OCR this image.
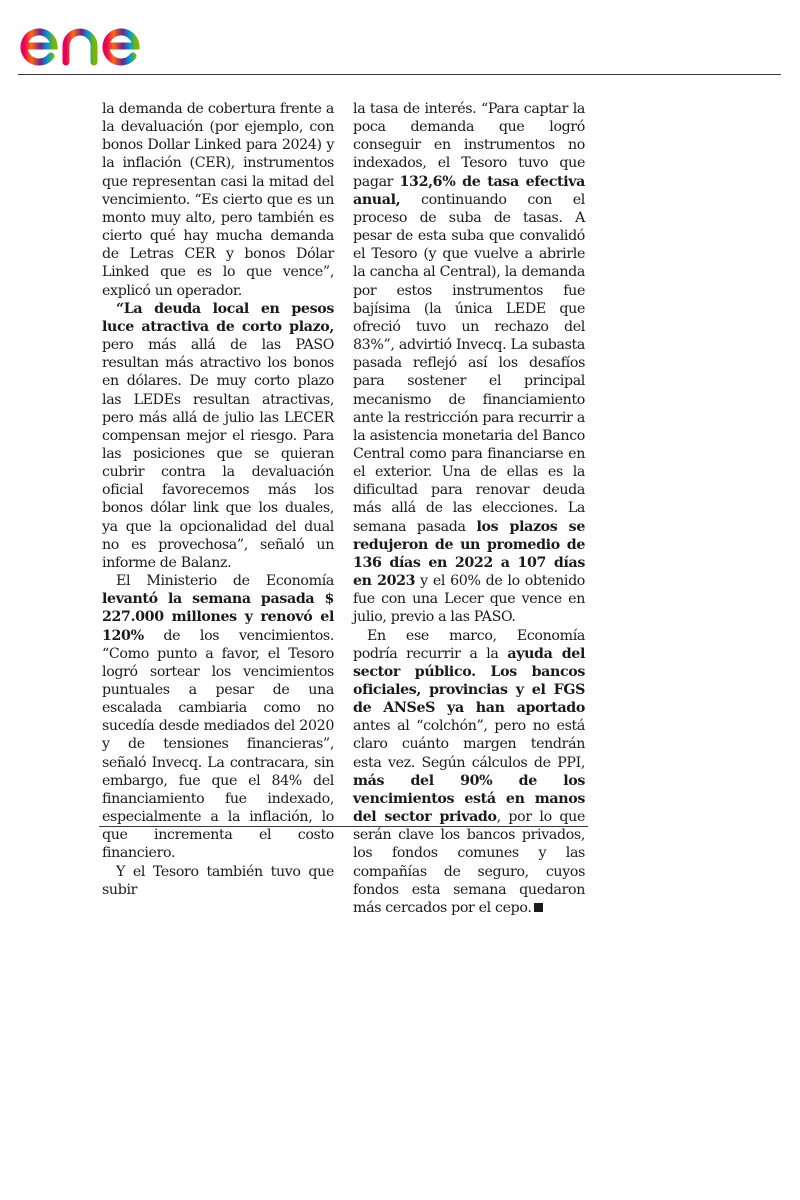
la demanda de cobertura frente a la devaluación (por ejemplo, con bonos Dollar Linked para 2024) y la inflación (CER), instrumentos que representan casi la mitad del vencimiento. “Es cierto que es un monto muy alto, pero también es cierto qué hay mucha demanda de Letras CER y bonos Dólar Linked que es lo que vence”, explicó un operador.

“La deuda local en pesos luce atractiva de corto plazo, pero más allá de las PASO resultan más atractivo los bonos en dólares. De muy corto plazo las LEDEs resultan atractivas, pero más allá de julio las LECER compensan mejor el riesgo. Para las posiciones que se quieran cubrir contra la devaluación oficial favorecemos más los bonos dólar link que los duales, ya que la opcionalidad del dual no es provechosa”, señaló un informe de Balanz.

El Ministerio de Economía levantó la semana pasada $ 227.000 millones y renovó el 120% de los vencimientos. “Como punto a favor, el Tesoro logró sortear los vencimientos puntuales a pesar de una escalada cambiaria como no sucedía desde mediados del 2020 y de tensiones financieras”, señaló Invecq. La contracara, sin embargo, fue que el 84% del financiamiento fue indexado, especialmente a la inflación, lo que incrementa el costo financiero.

Y el Tesoro también tuvo que subir

la tasa de interés. “Para captar la poca demanda que logró conseguir en instrumentos no indexados, el Tesoro tuvo que pagar 132,6% de tasa efectiva anual, continuando con el proceso de suba de tasas. A pesar de esta suba que convalidó el Tesoro (y que vuelve a abrirle la cancha al Central), la demanda por estos instrumentos fue bajísima (la única LEDE que ofreció tuvo un rechazo del 83%”, advirtió Invecq. La subasta pasada reflejó así los desafíos para sostener el principal mecanismo de financiamiento ante la restricción para recurrir a la asistencia monetaria del Banco Central como para financiarse en el exterior. Una de ellas es la dificultad para renovar deuda más allá de las elecciones. La semana pasada los plazos se redujeron de un promedio de 136 días en 2022 a 107 días en 2023 y el 60% de lo obtenido fue con una Lecer que vence en julio, previo a las PASO.

En ese marco, Economía podría recurrir a la ayuda del sector público. Los bancos oficiales, provincias y el FGS de ANSeS ya han aportado antes al “colchón”, pero no está claro cuánto margen tendrán esta vez. Según cálculos de PPI, más del 90% de los vencimientos está en manos del sector privado, por lo que serán clave los bancos privados, los fondos comunes y las compañías de seguro, cuyos fondos esta semana quedaron más cercados por el cepo.
